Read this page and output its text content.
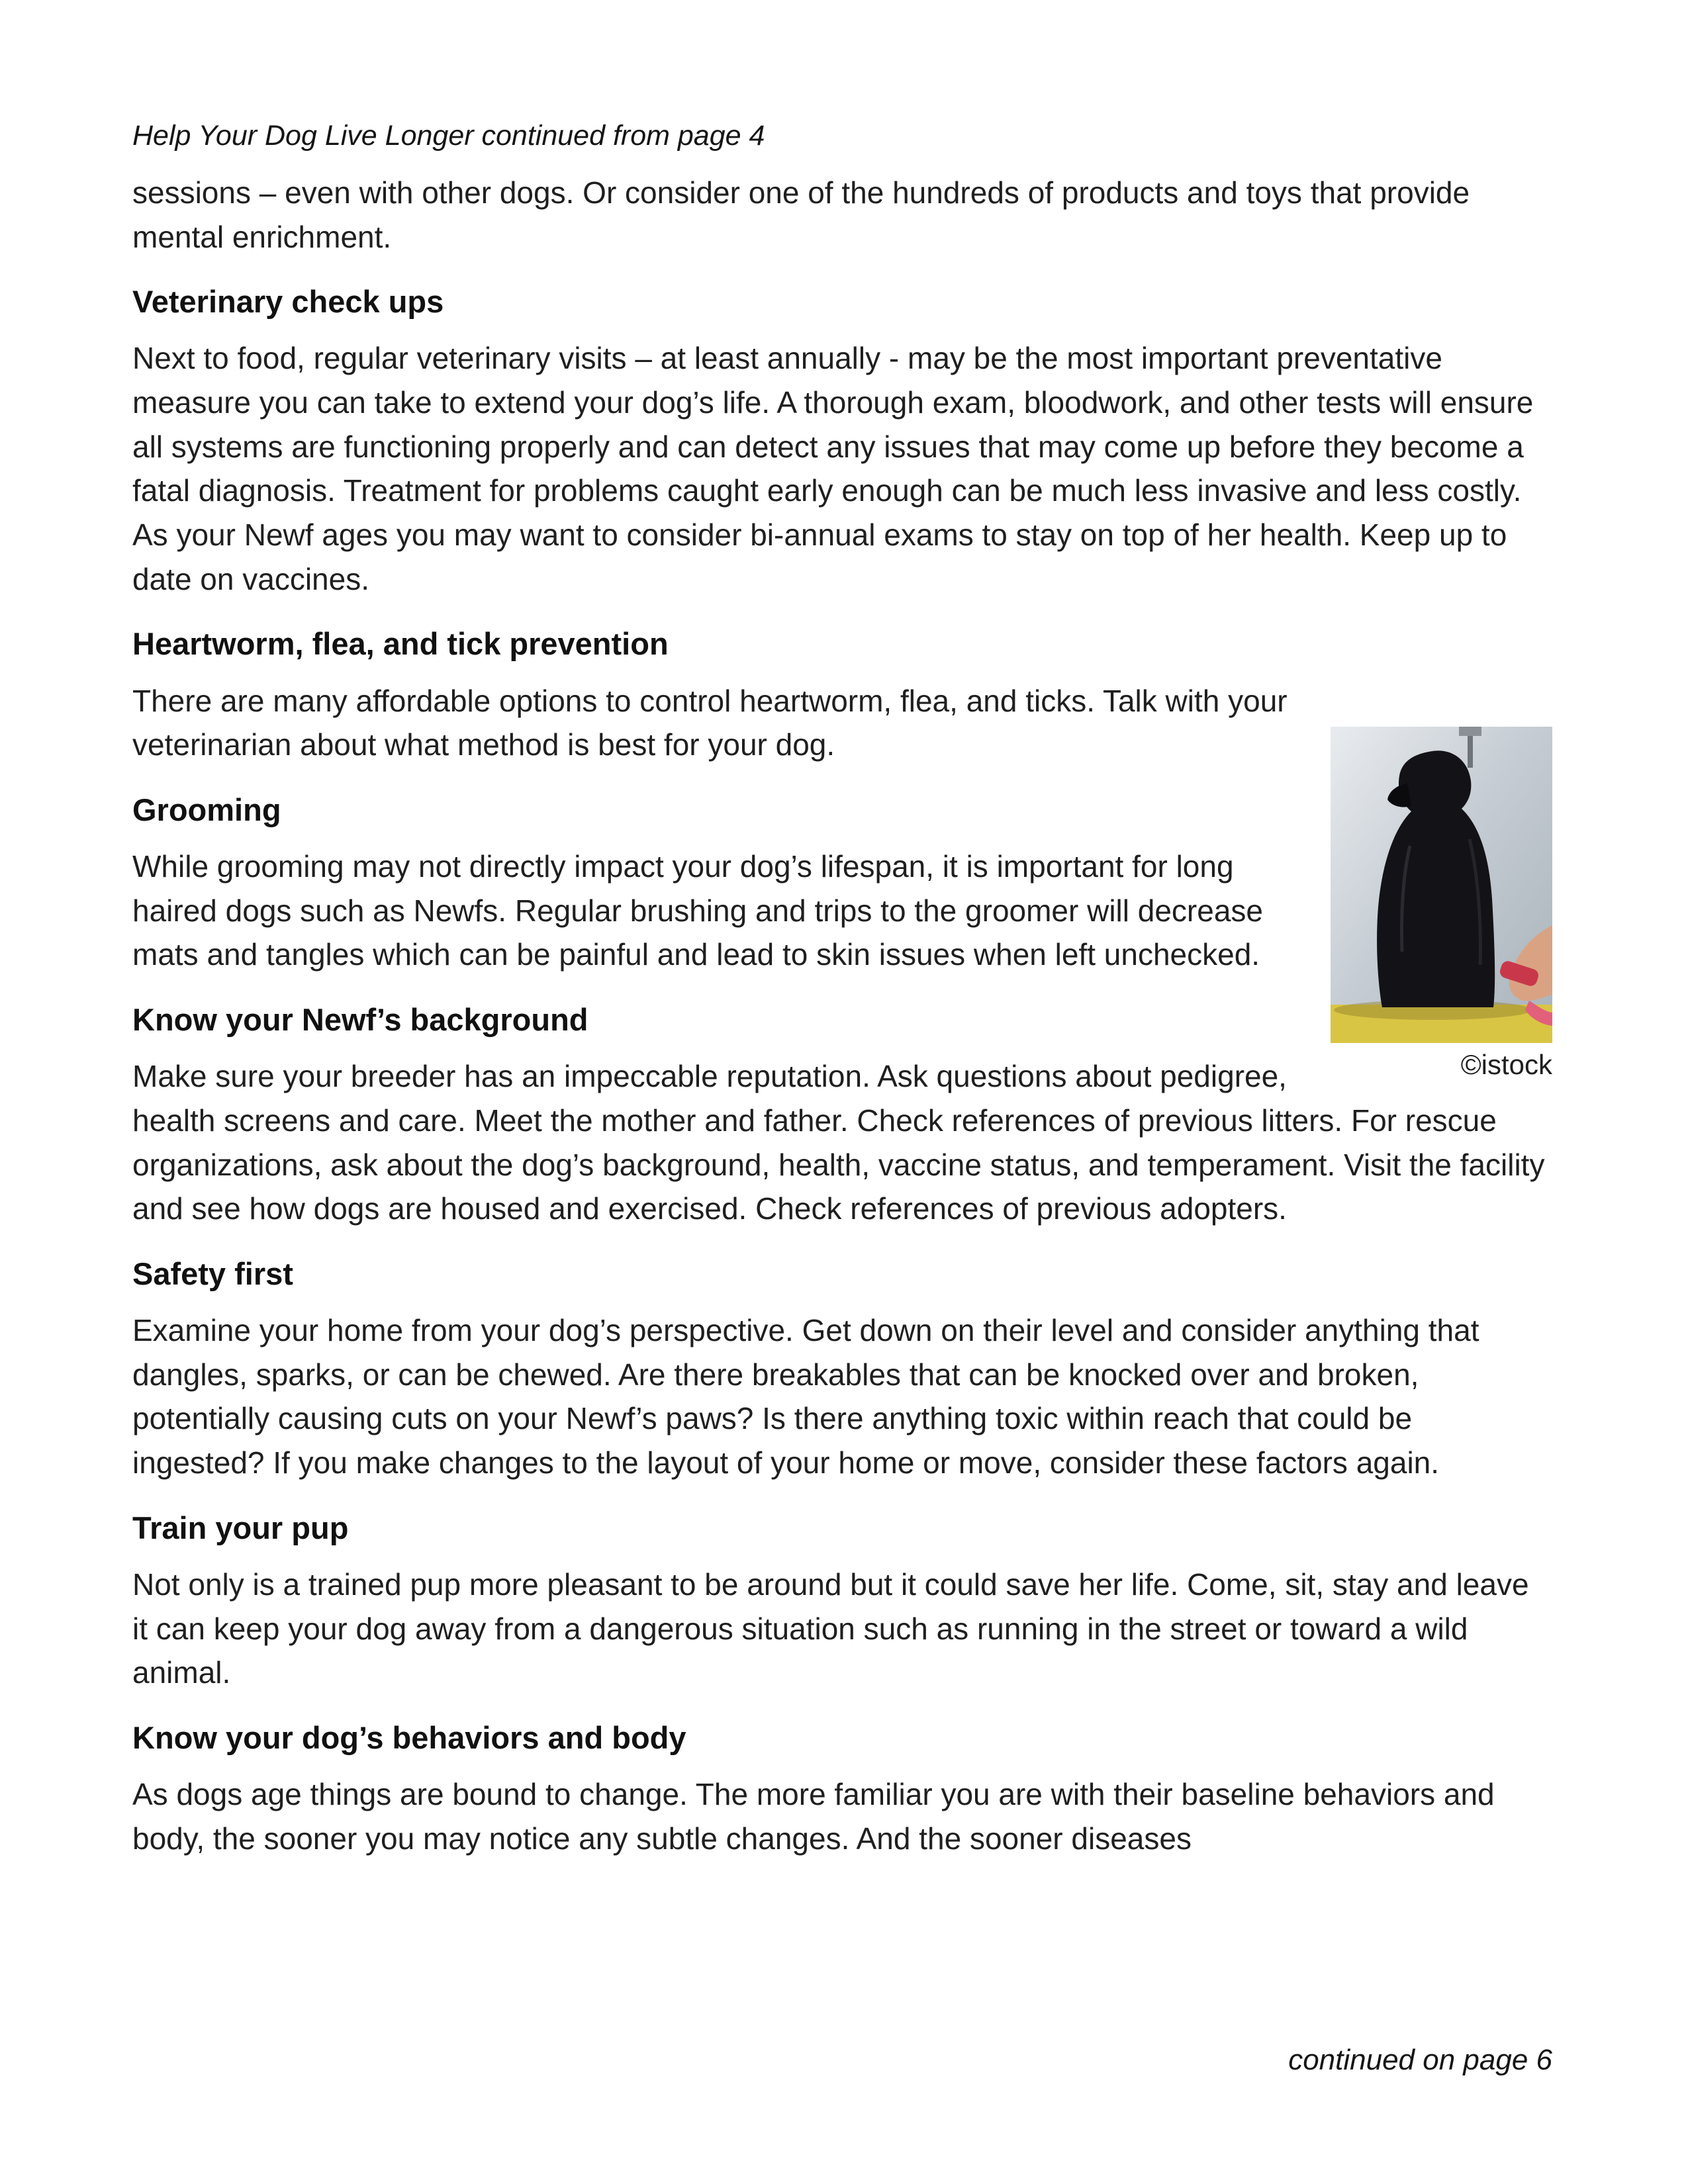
Help Your Dog Live Longer continued from page 4

sessions – even with other dogs. Or consider one of the hundreds of products and toys that provide mental enrichment.

Veterinary check ups

Next to food, regular veterinary visits – at least annually - may be the most important preventative measure you can take to extend your dog’s life. A thorough exam, bloodwork, and other tests will ensure all systems are functioning properly and can detect any issues that may come up before they become a fatal diagnosis. Treatment for problems caught early enough can be much less invasive and less costly. As your Newf ages you may want to consider bi-annual exams to stay on top of her health. Keep up to date on vaccines.

Heartworm, flea, and tick prevention
©istock

There are many affordable options to control heartworm, flea, and ticks. Talk with your veterinarian about what method is best for your dog.

Grooming

While grooming may not directly impact your dog’s lifespan, it is important for long haired dogs such as Newfs. Regular brushing and trips to the groomer will decrease mats and tangles which can be painful and lead to skin issues when left unchecked.

Know your Newf’s background

Make sure your breeder has an impeccable reputation. Ask questions about pedigree, health screens and care. Meet the mother and father. Check references of previous litters. For rescue organizations, ask about the dog’s background, health, vaccine status, and temperament. Visit the facility and see how dogs are housed and exercised. Check references of previous adopters.

Safety first

Examine your home from your dog’s perspective. Get down on their level and consider anything that dangles, sparks, or can be chewed. Are there breakables that can be knocked over and broken, potentially causing cuts on your Newf’s paws? Is there anything toxic within reach that could be ingested? If you make changes to the layout of your home or move, consider these factors again.

Train your pup

Not only is a trained pup more pleasant to be around but it could save her life. Come, sit, stay and leave it can keep your dog away from a dangerous situation such as running in the street or toward a wild animal.

Know your dog’s behaviors and body

As dogs age things are bound to change. The more familiar you are with their baseline behaviors and body, the sooner you may notice any subtle changes. And the sooner diseases

continued on page 6
